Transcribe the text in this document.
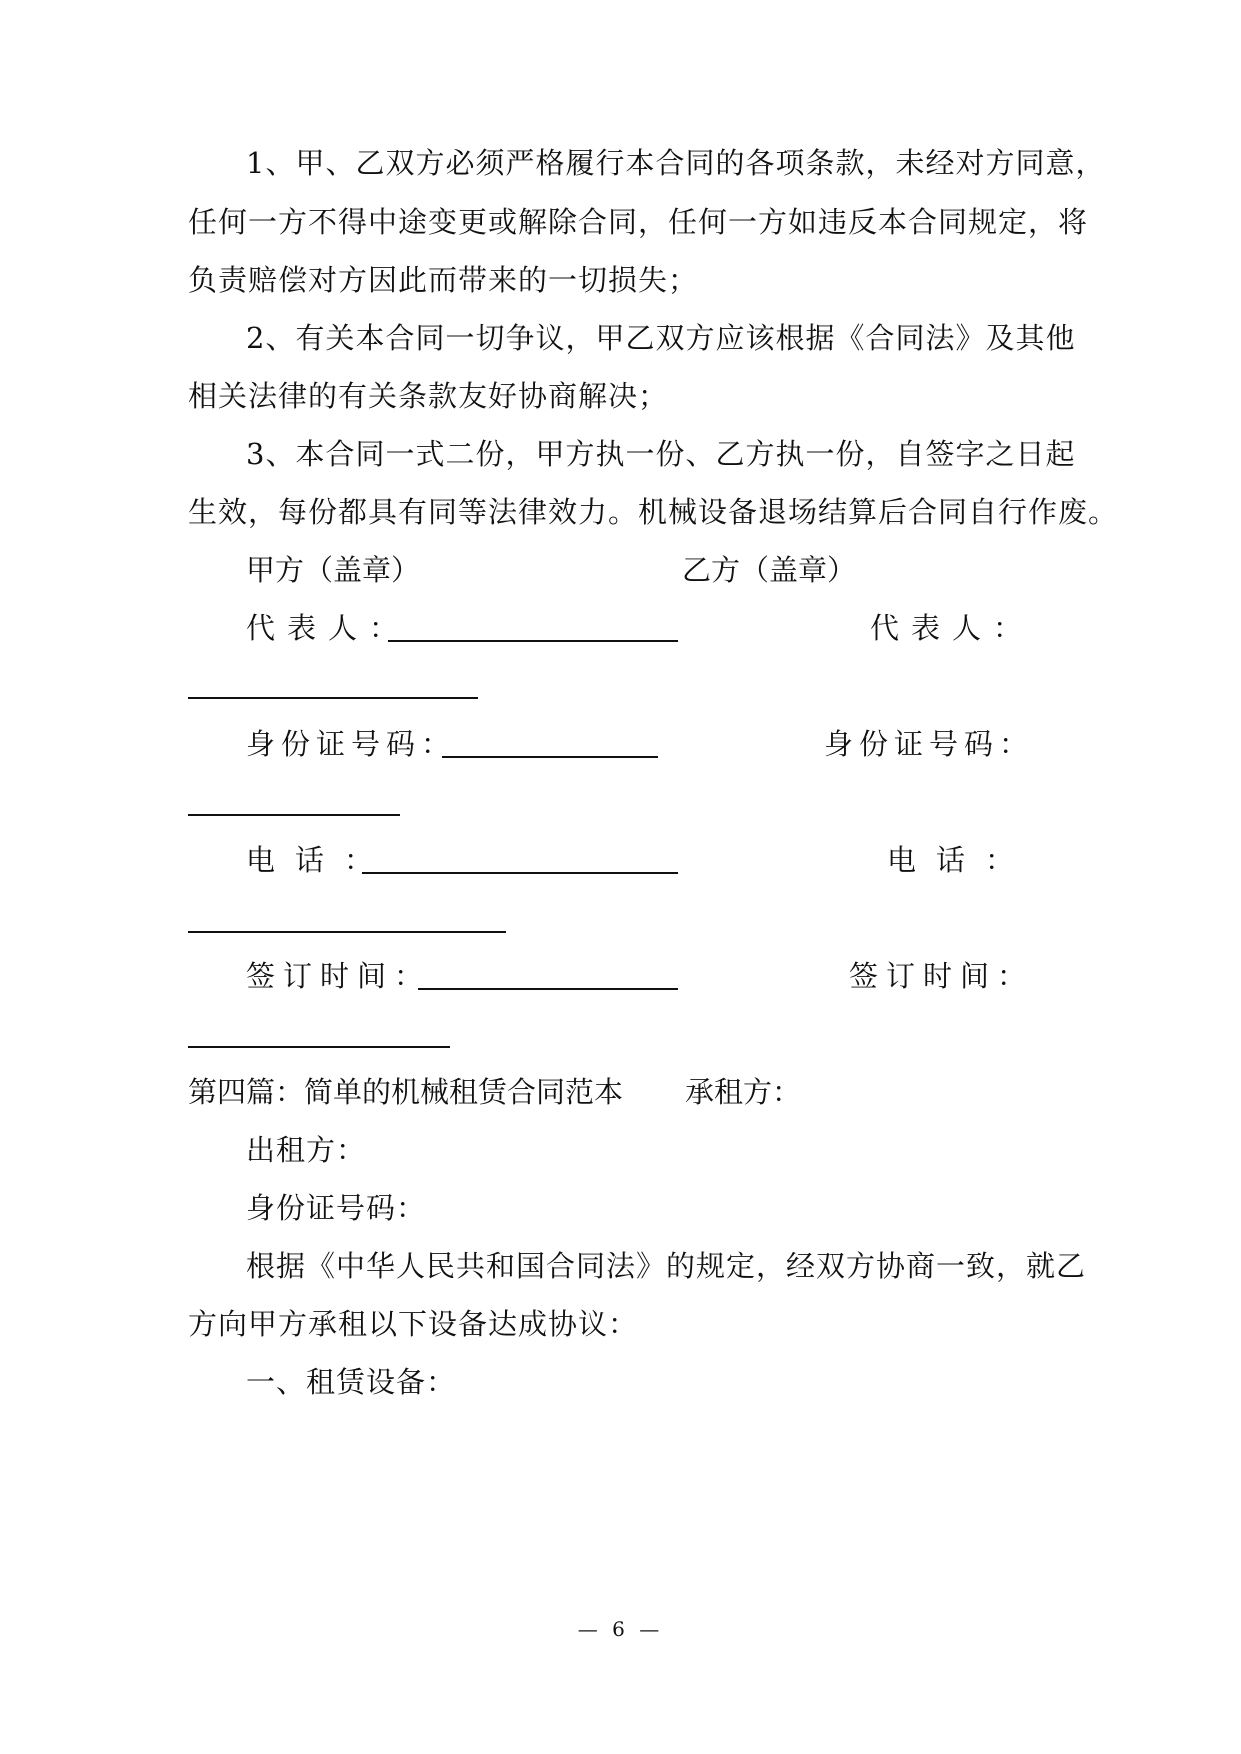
1、甲、乙双方必须严格履行本合同的各项条款，未经对方同意，
任何一方不得中途变更或解除合同，任何一方如违反本合同规定，将
负责赔偿对方因此而带来的一切损失；
2、有关本合同一切争议，甲乙双方应该根据《合同法》及其他
相关法律的有关条款友好协商解决；
3、本合同一式二份，甲方执一份、乙方执一份，自签字之日起
生效，每份都具有同等法律效力。机械设备退场结算后合同自行作废。
甲方（盖章）	乙方（盖章）
代表人：	代表人：
身份证号码：	身份证号码：
电话：	电话：
签订时间：	签订时间：
第四篇：简单的机械租赁合同范本 承租方：
出租方：
身份证号码：
根据《中华人民共和国合同法》的规定，经双方协商一致，就乙
方向甲方承租以下设备达成协议：
一、租赁设备：
— 6 —
